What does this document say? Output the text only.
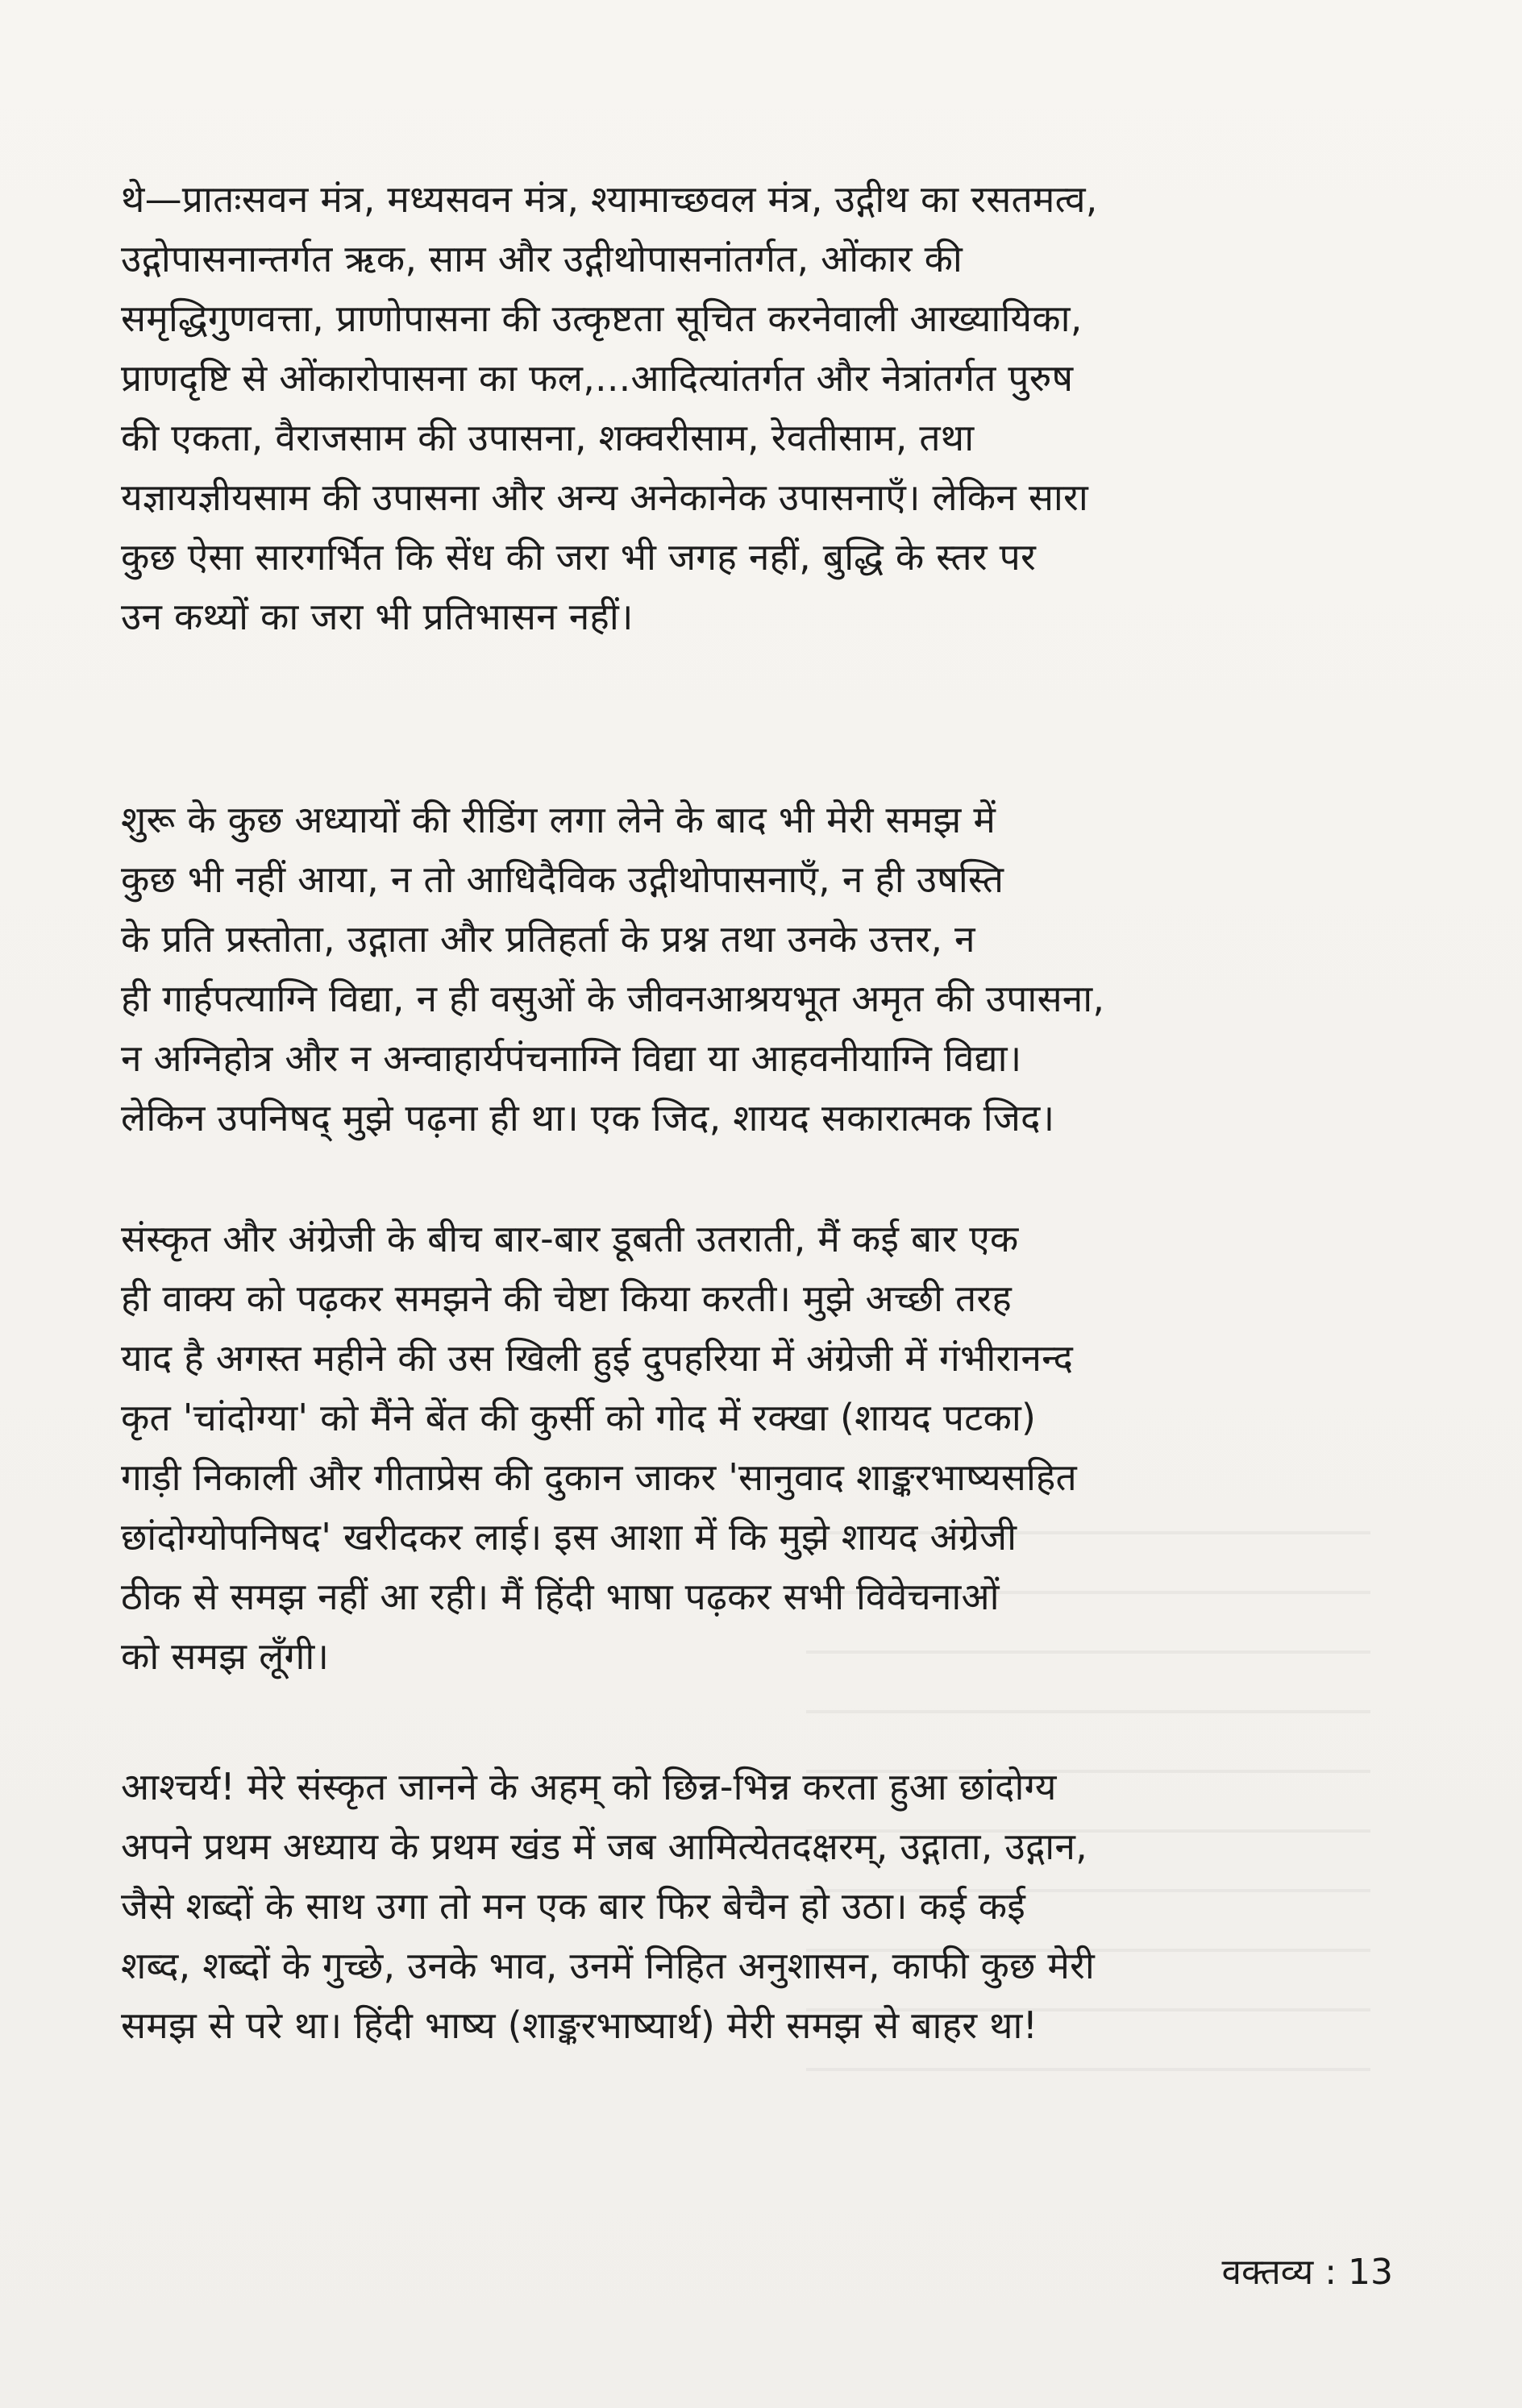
थे—प्रातःसवन मंत्र, मध्यसवन मंत्र, श्यामाच्छवल मंत्र, उद्गीथ का रसतमत्व,
उद्गोपासनान्तर्गत ऋक, साम और उद्गीथोपासनांतर्गत, ओंकार की
समृद्धिगुणवत्ता, प्राणोपासना की उत्कृष्टता सूचित करनेवाली आख्यायिका,
प्राणदृष्टि से ओंकारोपासना का फल,...आदित्यांतर्गत और नेत्रांतर्गत पुरुष
की एकता, वैराजसाम की उपासना, शक्वरीसाम, रेवतीसाम, तथा
यज्ञायज्ञीयसाम की उपासना और अन्य अनेकानेक उपासनाएँ। लेकिन सारा
कुछ ऐसा सारगर्भित कि सेंध की जरा भी जगह नहीं, बुद्धि के स्तर पर
उन कथ्यों का जरा भी प्रतिभासन नहीं।
शुरू के कुछ अध्यायों की रीडिंग लगा लेने के बाद भी मेरी समझ में
कुछ भी नहीं आया, न तो आधिदैविक उद्गीथोपासनाएँ, न ही उषस्ति
के प्रति प्रस्तोता, उद्गाता और प्रतिहर्ता के प्रश्न तथा उनके उत्तर, न
ही गार्हपत्याग्नि विद्या, न ही वसुओं के जीवनआश्रयभूत अमृत की उपासना,
न अग्निहोत्र और न अन्वाहार्यपंचनाग्नि विद्या या आहवनीयाग्नि विद्या।
लेकिन उपनिषद् मुझे पढ़ना ही था। एक जिद, शायद सकारात्मक जिद।
संस्कृत और अंग्रेजी के बीच बार-बार डूबती उतराती, मैं कई बार एक
ही वाक्य को पढ़कर समझने की चेष्टा किया करती। मुझे अच्छी तरह
याद है अगस्त महीने की उस खिली हुई दुपहरिया में अंग्रेजी में गंभीरानन्द
कृत 'चांदोग्या' को मैंने बेंत की कुर्सी को गोद में रक्खा (शायद पटका)
गाड़ी निकाली और गीताप्रेस की दुकान जाकर 'सानुवाद शाङ्करभाष्यसहित
छांदोग्योपनिषद' खरीदकर लाई। इस आशा में कि मुझे शायद अंग्रेजी
ठीक से समझ नहीं आ रही। मैं हिंदी भाषा पढ़कर सभी विवेचनाओं
को समझ लूँगी।
आश्चर्य! मेरे संस्कृत जानने के अहम् को छिन्न-भिन्न करता हुआ छांदोग्य
अपने प्रथम अध्याय के प्रथम खंड में जब आमित्येतदक्षरम्, उद्गाता, उद्गान,
जैसे शब्दों के साथ उगा तो मन एक बार फिर बेचैन हो उठा। कई कई
शब्द, शब्दों के गुच्छे, उनके भाव, उनमें निहित अनुशासन, काफी कुछ मेरी
समझ से परे था। हिंदी भाष्य (शाङ्करभाष्यार्थ) मेरी समझ से बाहर था!
वक्तव्य : 13
